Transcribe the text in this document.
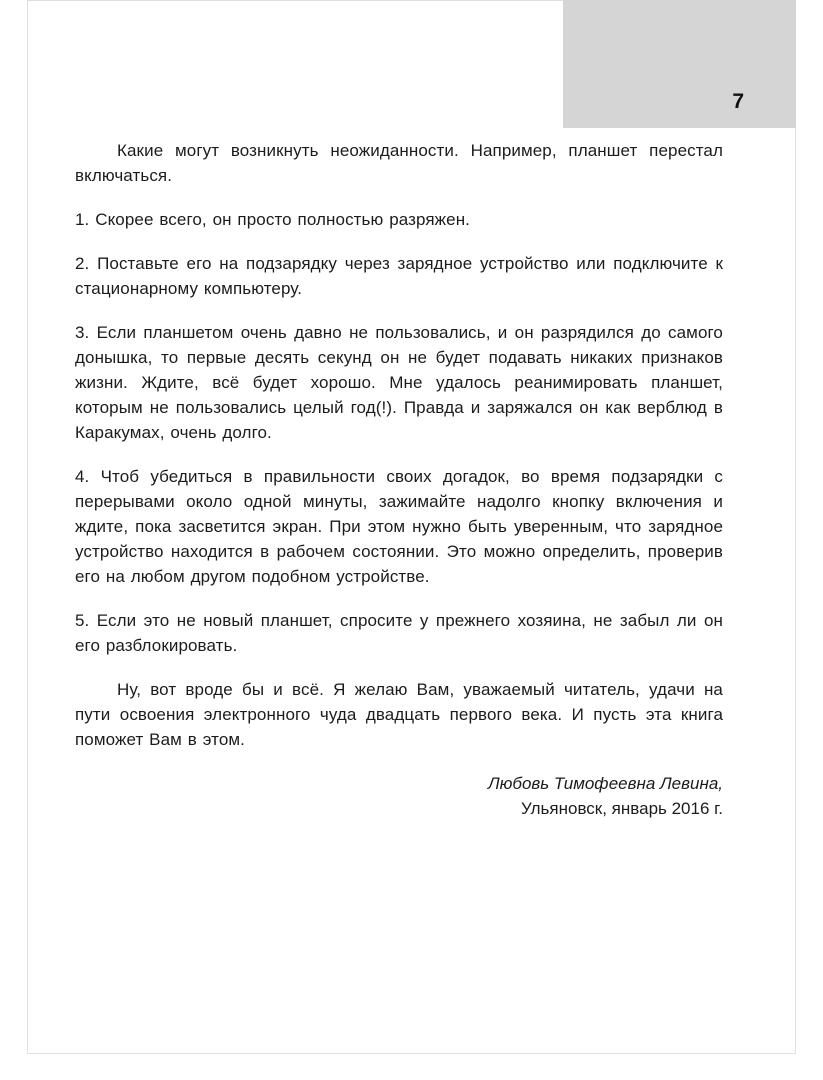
7

Какие могут возникнуть неожиданности. Например, планшет перестал включаться.

1. Скорее всего, он просто полностью разряжен.

2. Поставьте его на подзарядку через зарядное устройство или подключите к стационарному компьютеру.

3. Если планшетом очень давно не пользовались, и он разрядился до самого донышка, то первые десять секунд он не будет подавать никаких признаков жизни. Ждите, всё будет хорошо. Мне удалось реанимировать планшет, которым не пользовались целый год(!). Правда и заряжался он как верблюд в Каракумах, очень долго.

4. Чтоб убедиться в правильности своих догадок, во время подзарядки с перерывами около одной минуты, зажимайте надолго кнопку включения и ждите, пока засветится экран. При этом нужно быть уверенным, что зарядное устройство находится в рабочем состоянии. Это можно определить, проверив его на любом другом подобном устройстве.

5. Если это не новый планшет, спросите у прежнего хозяина, не забыл ли он его разблокировать.

Ну, вот вроде бы и всё. Я желаю Вам, уважаемый читатель, удачи на пути освоения электронного чуда двадцать первого века. И пусть эта книга поможет Вам в этом.

Любовь Тимофеевна Левина,

Ульяновск, январь 2016 г.
